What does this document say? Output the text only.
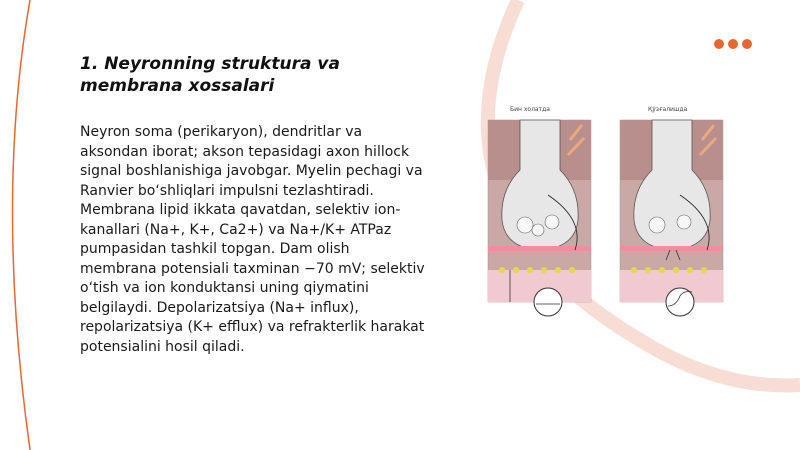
1. Neyronning struktura va membrana xossalari

Neyron soma (perikaryon), dendritlar va aksondan iborat; akson tepasidagi axon hillock signal boshlanishiga javobgar. Myelin pechagi va Ranvier bo‘shliqlari impulsni tezlashtiradi. Membrana lipid ikkata qavatdan, selektiv ion-kanallari (Na+, K+, Ca2+) va Na+/K+ ATPaz pumpasidan tashkil topgan. Dam olish membrana potensiali taxminan −70 mV; selektiv o‘tish va ion konduktansi uning qiymatini belgilaydi. Depolarizatsiya (Na+ influx), repolarizatsiya (K+ efflux) va refrakterlik harakat potensialini hosil qiladi.

Бин холатда	Қўзғалишда
